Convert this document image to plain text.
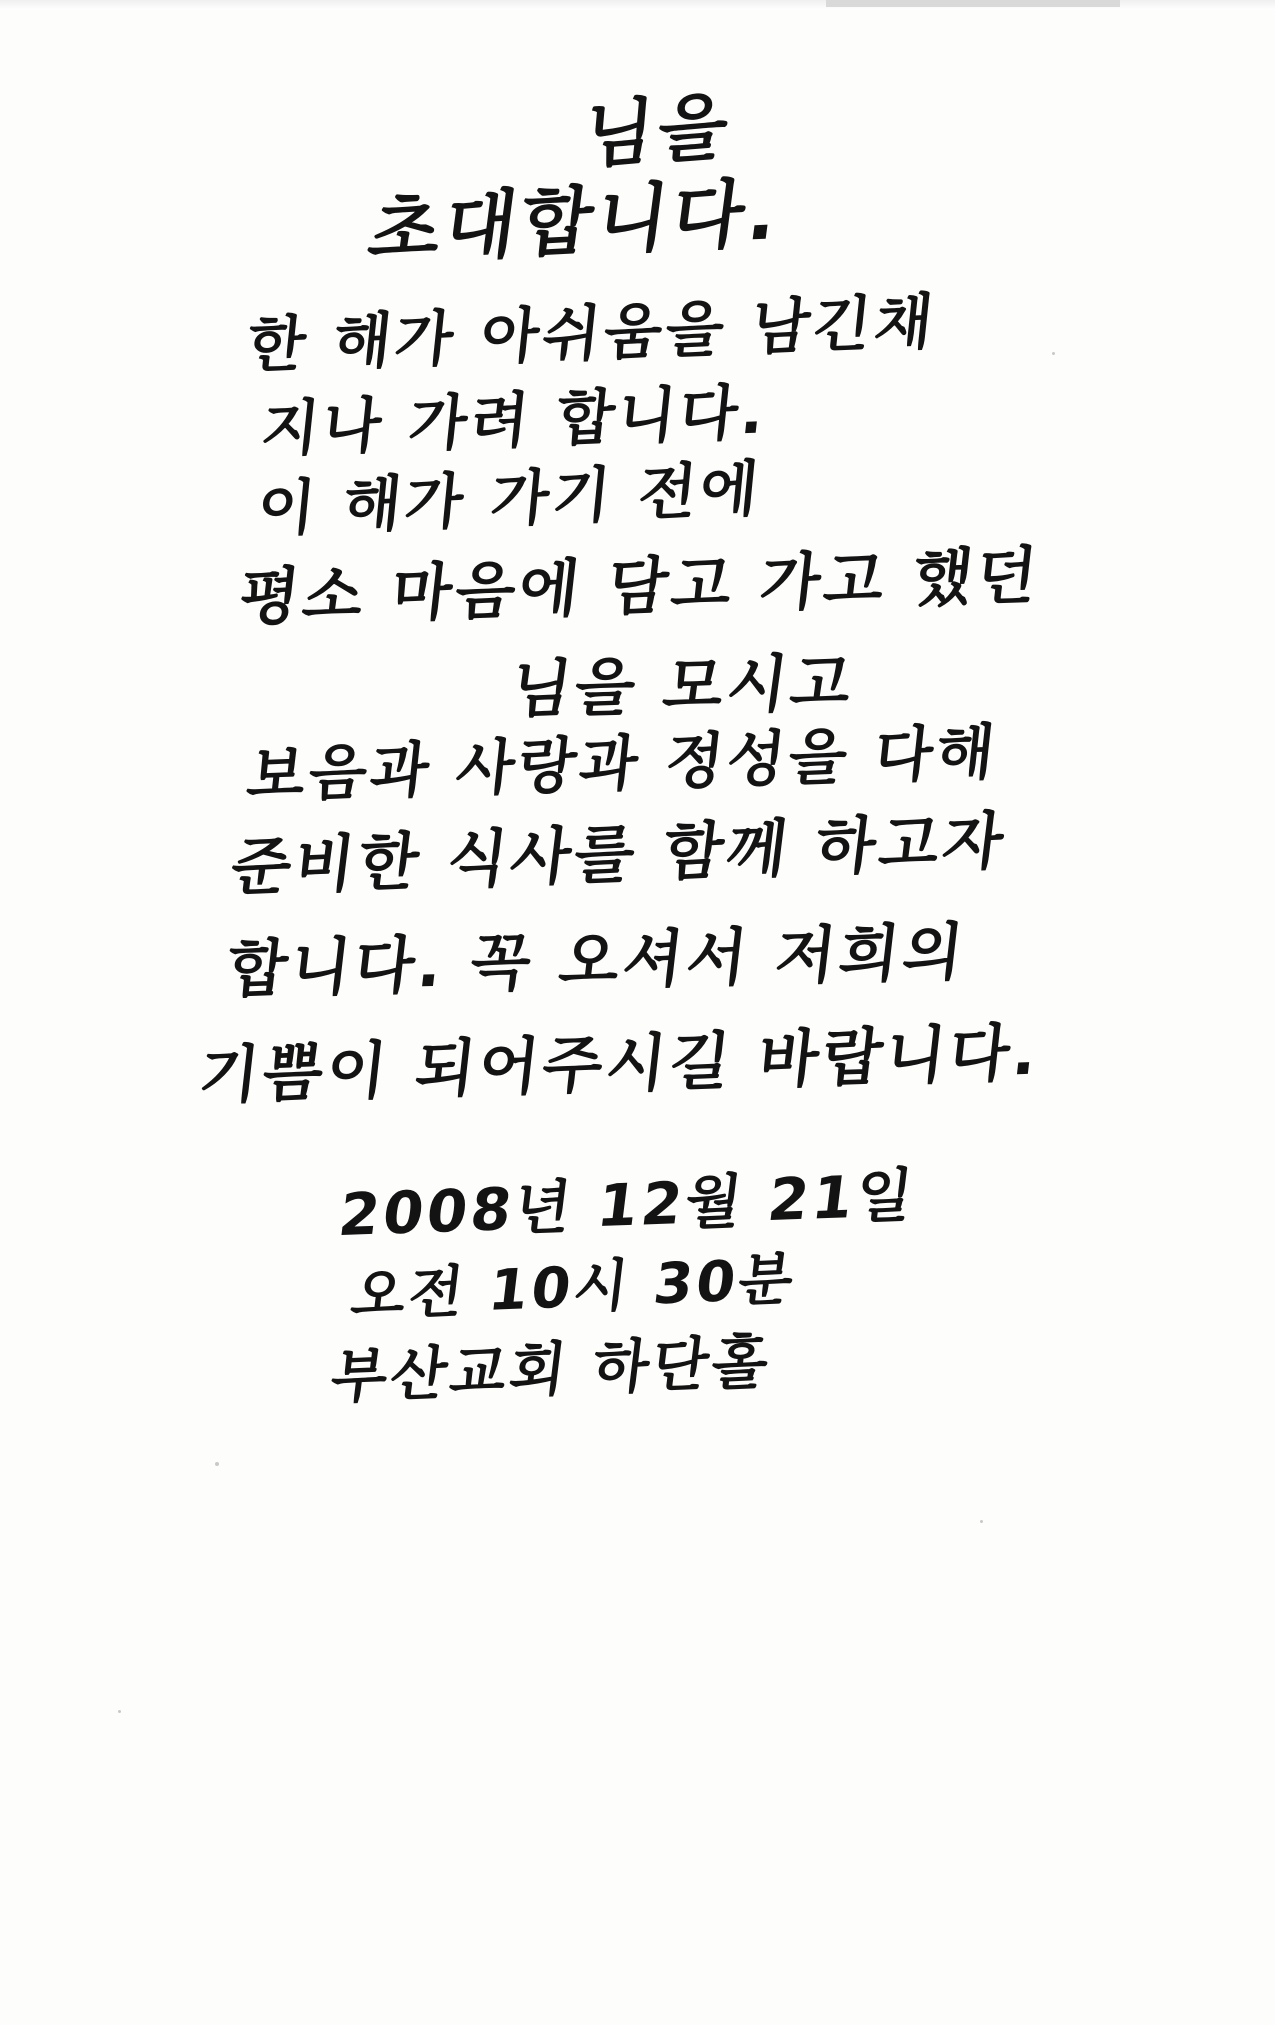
님을
초대합니다.
한 해가 아쉬움을 남긴채
지나 가려 합니다.
이 해가 가기 전에
평소 마음에 담고 가고 했던
님을 모시고
보음과 사랑과 정성을 다해
준비한 식사를 함께 하고자
합니다. 꼭 오셔서 저희의
기쁨이 되어주시길 바랍니다.
2008년 12월 21일
오전 10시 30분
부산교회 하단홀
